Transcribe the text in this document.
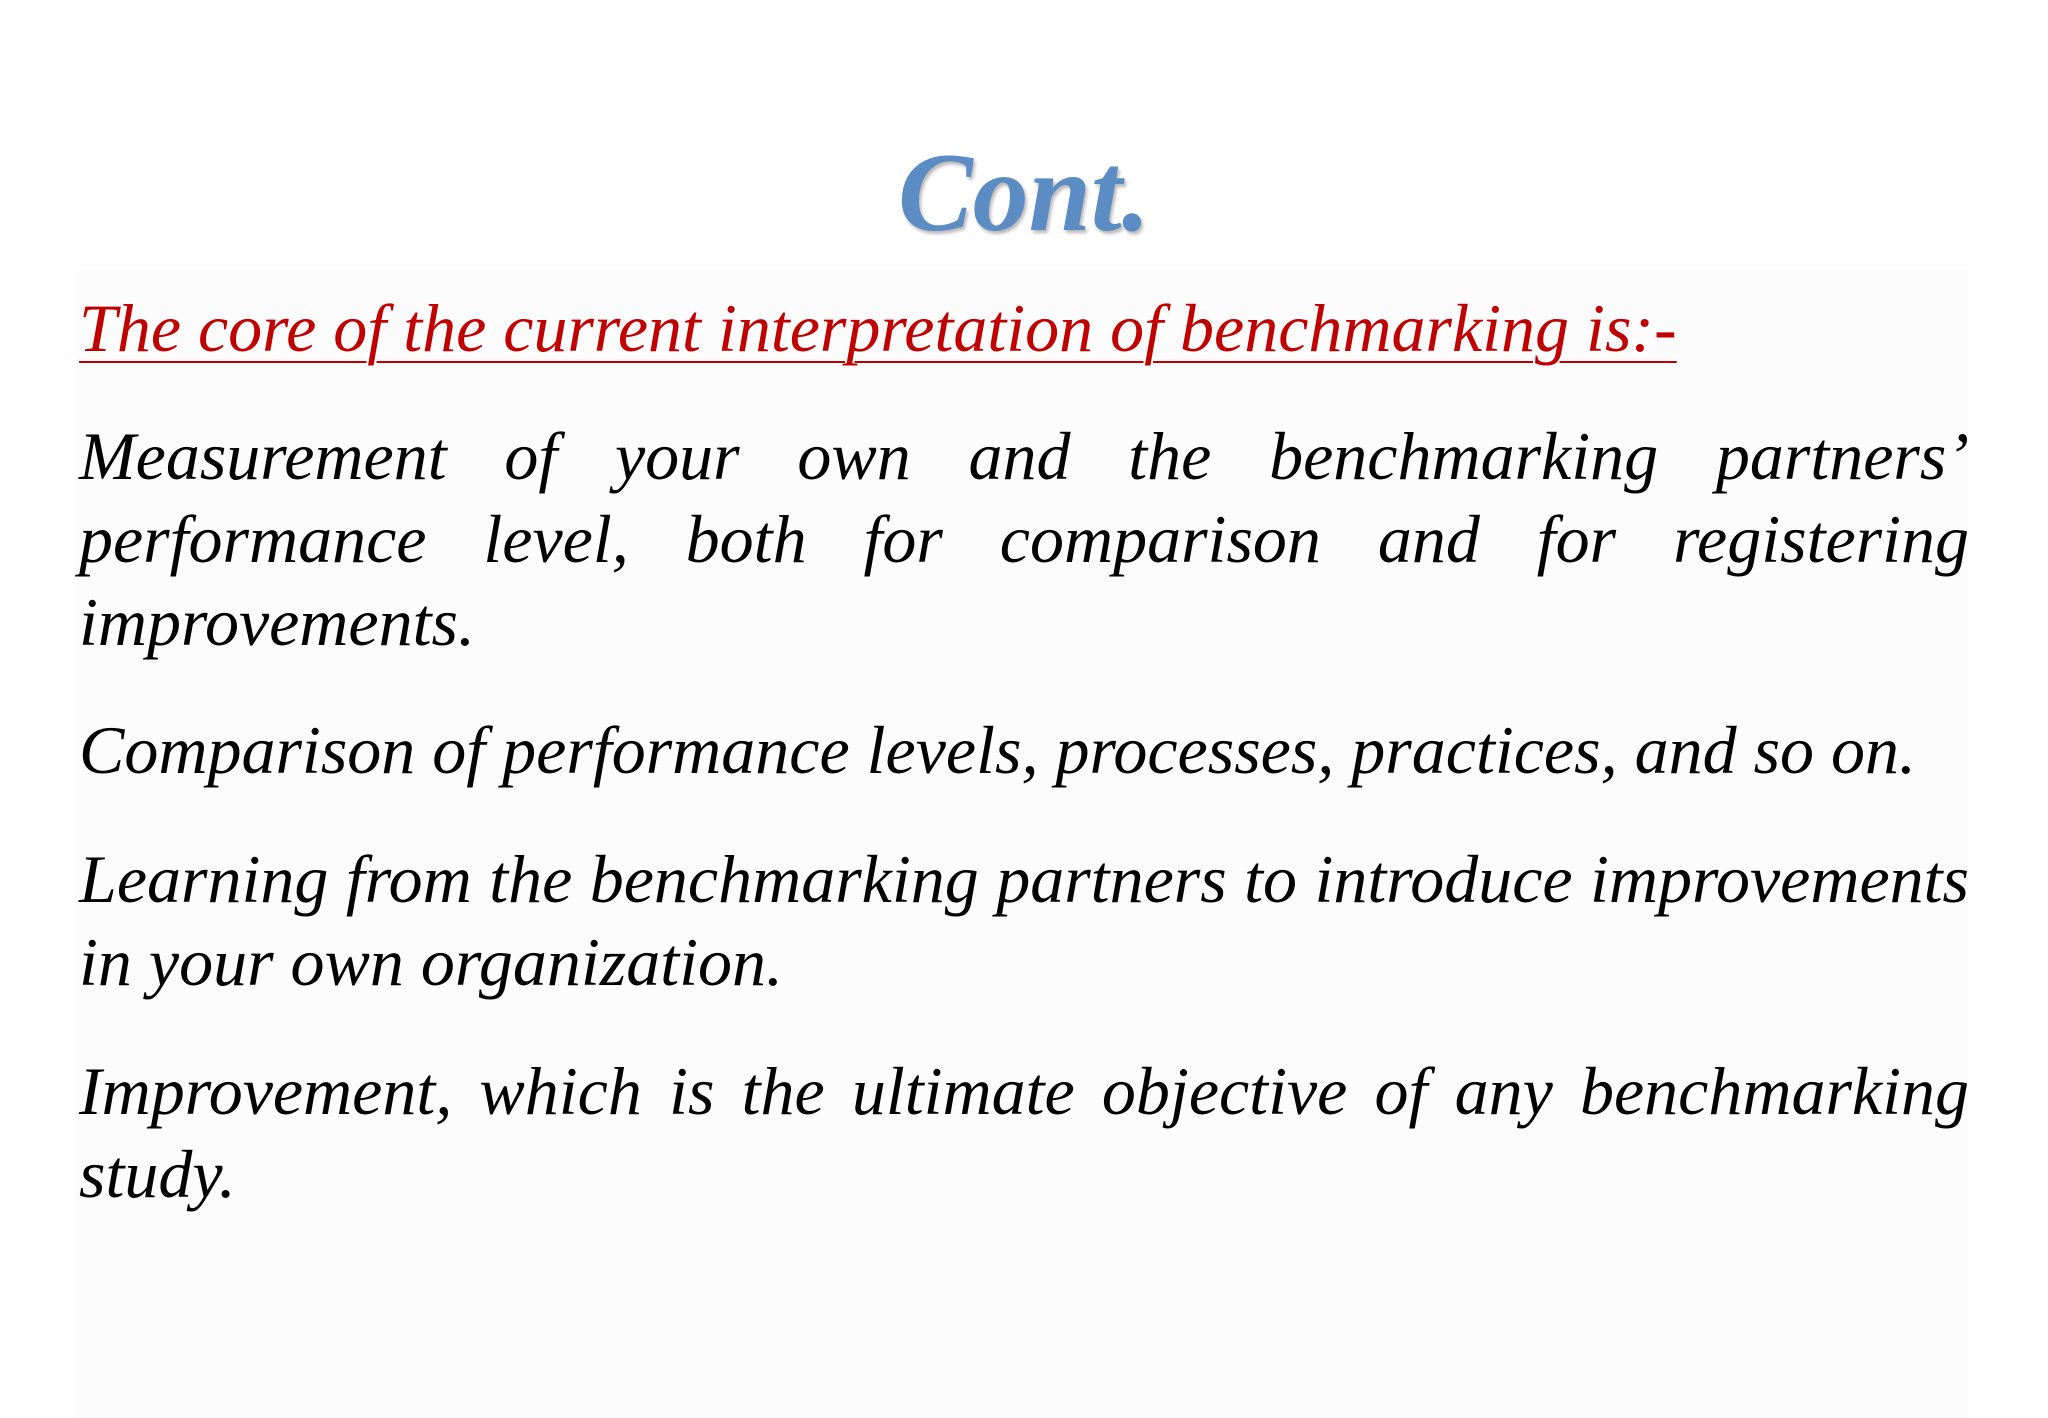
Cont.

The core of the current interpretation of benchmarking is:-

Measurement of your own and the benchmarking partners’ performance level, both for comparison and for registering improvements.

Comparison of performance levels, processes, practices, and so on.

Learning from the benchmarking partners to introduce improvements in your own organization.

Improvement, which is the ultimate objective of any benchmarking study.
